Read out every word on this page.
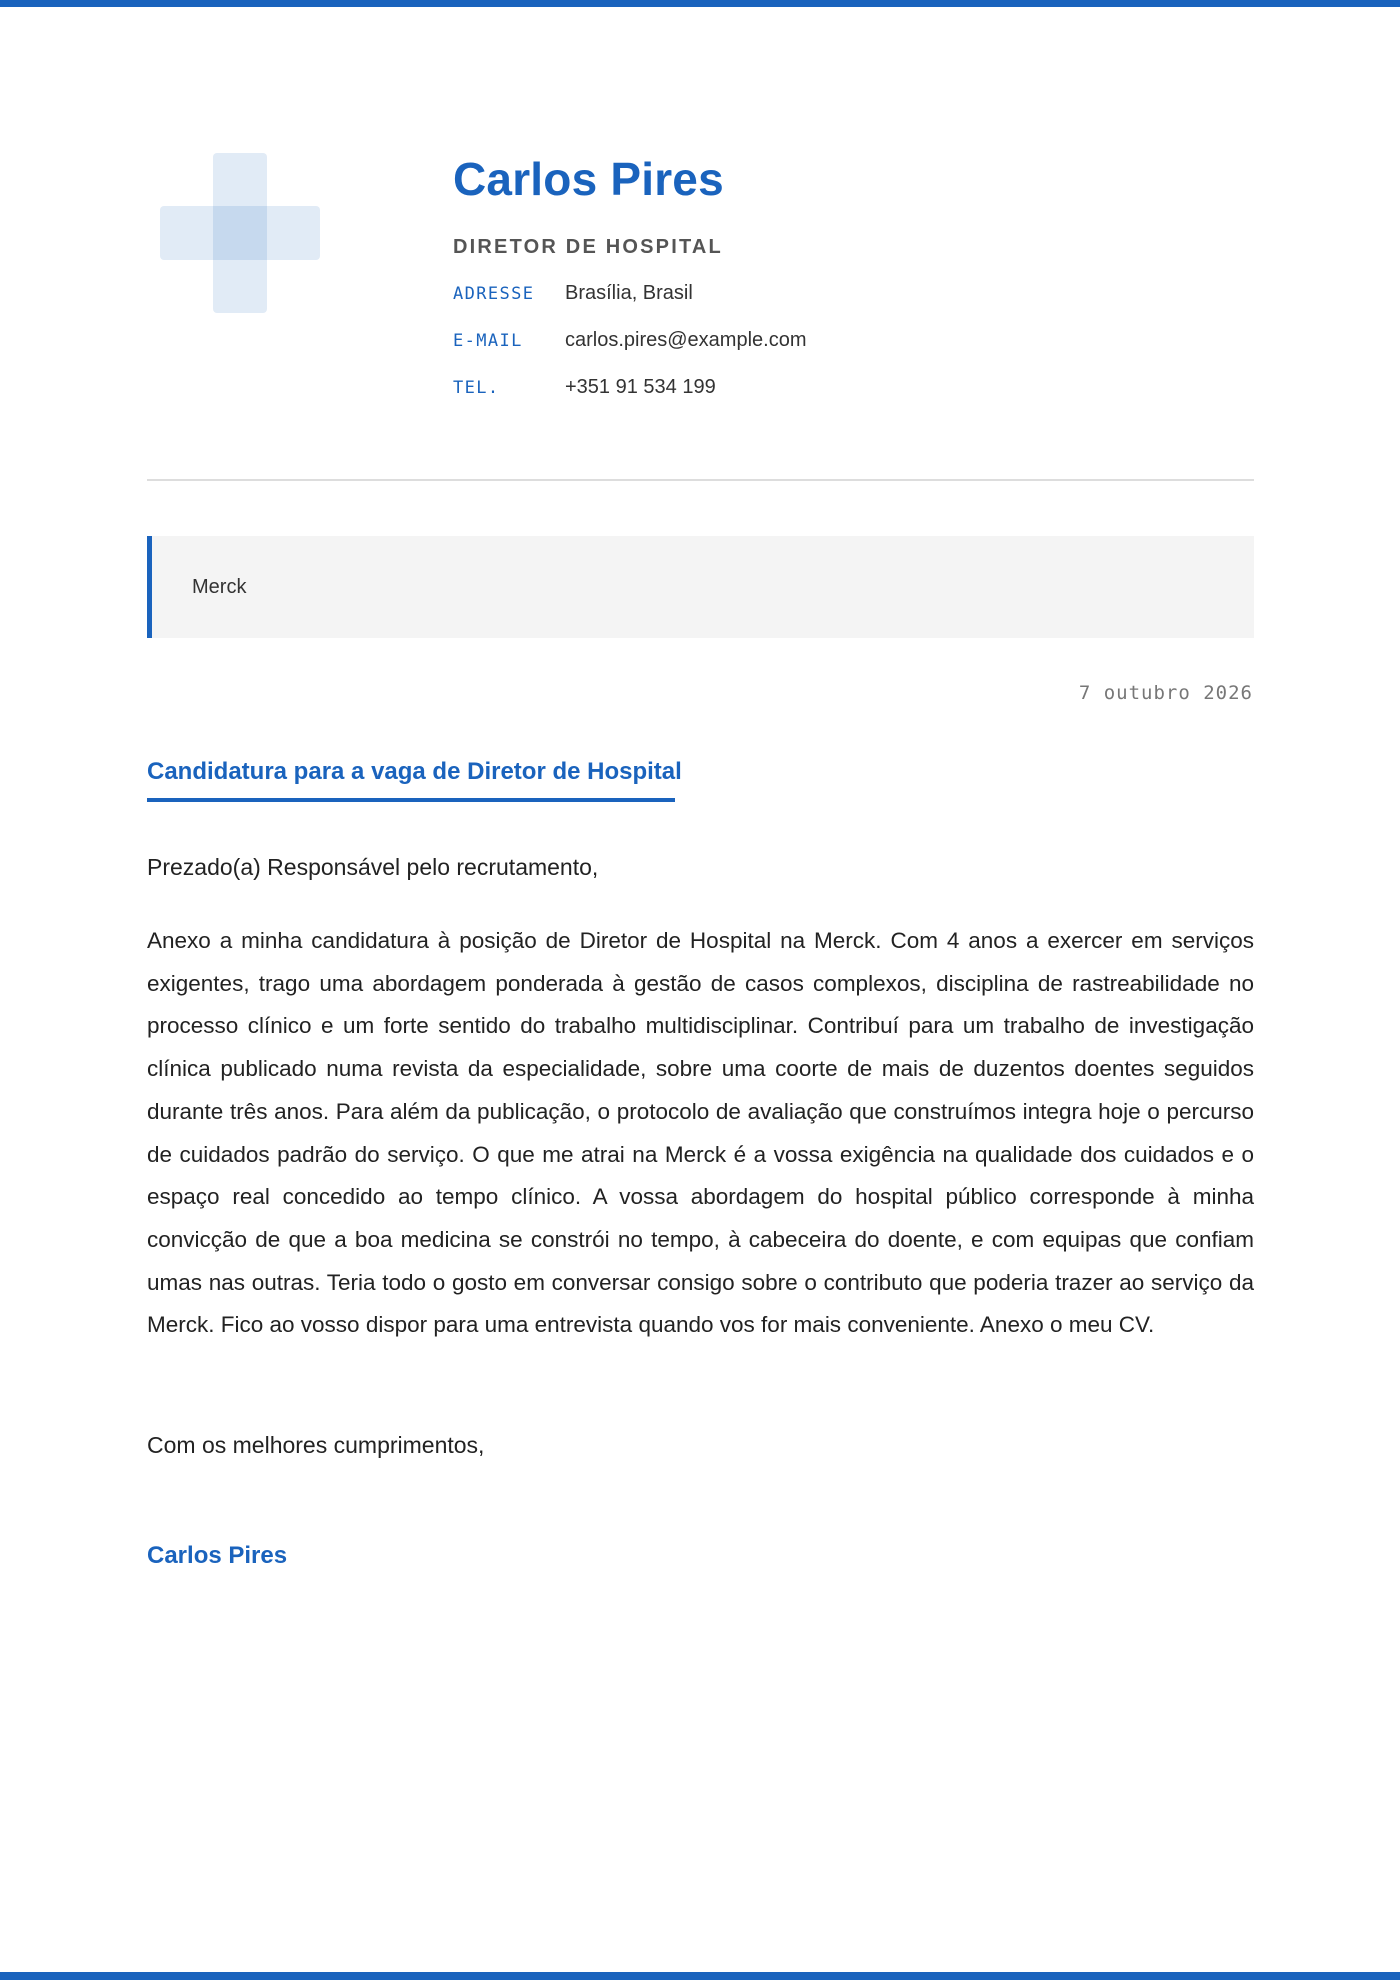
Carlos Pires
DIRETOR DE HOSPITAL
ADRESSE	Brasília, Brasil
E-MAIL	carlos.pires@example.com
TEL.	+351 91 534 199
Merck
7 outubro 2026
Candidatura para a vaga de Diretor de Hospital
Prezado(a) Responsável pelo recrutamento,

Anexo a minha candidatura à posição de Diretor de Hospital na Merck. Com 4 anos a exercer em serviços exigentes, trago uma abordagem ponderada à gestão de casos complexos, disciplina de rastreabilidade no processo clínico e um forte sentido do trabalho multidisciplinar. Contribuí para um trabalho de investigação clínica publicado numa revista da especialidade, sobre uma coorte de mais de duzentos doentes seguidos durante três anos. Para além da publicação, o protocolo de avaliação que construímos integra hoje o percurso de cuidados padrão do serviço. O que me atrai na Merck é a vossa exigência na qualidade dos cuidados e o espaço real concedido ao tempo clínico. A vossa abordagem do hospital público corresponde à minha convicção de que a boa medicina se constrói no tempo, à cabeceira do doente, e com equipas que confiam umas nas outras. Teria todo o gosto em conversar consigo sobre o contributo que poderia trazer ao serviço da Merck. Fico ao vosso dispor para uma entrevista quando vos for mais conveniente. Anexo o meu CV.

Com os melhores cumprimentos,
Carlos Pires
